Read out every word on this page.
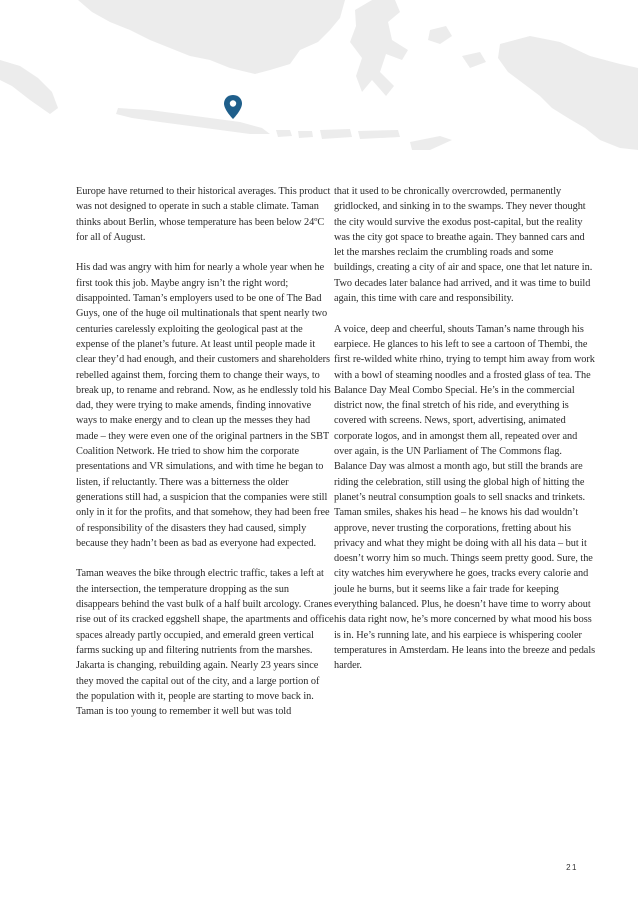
Europe have returned to their historical averages. This product was not designed to operate in such a stable climate. Taman thinks about Berlin, whose temperature has been below 24ºC for all of August.

His dad was angry with him for nearly a whole year when he first took this job. Maybe angry isn’t the right word; disappointed. Taman’s employers used to be one of The Bad Guys, one of the huge oil multinationals that spent nearly two centuries carelessly exploiting the geological past at the expense of the planet’s future. At least until people made it clear they’d had enough, and their customers and shareholders rebelled against them, forcing them to change their ways, to break up, to rename and rebrand. Now, as he endlessly told his dad, they were trying to make amends, finding innovative ways to make energy and to clean up the messes they had made – they were even one of the original partners in the SBT Coalition Network. He tried to show him the corporate presentations and VR simulations, and with time he began to listen, if reluctantly. There was a bitterness the older generations still had, a suspicion that the companies were still only in it for the profits, and that somehow, they had been free of responsibility of the disasters they had caused, simply because they hadn’t been as bad as everyone had expected.

Taman weaves the bike through electric traffic, takes a left at the intersection, the temperature dropping as the sun disappears behind the vast bulk of a half built arcology. Cranes rise out of its cracked eggshell shape, the apartments and office spaces already partly occupied, and emerald green vertical farms sucking up and filtering nutrients from the marshes. Jakarta is changing, rebuilding again. Nearly 23 years since they moved the capital out of the city, and a large portion of the population with it, people are starting to move back in. Taman is too young to remember it well but was told

that it used to be chronically overcrowded, permanently gridlocked, and sinking in to the swamps. They never thought the city would survive the exodus post-capital, but the reality was the city got space to breathe again. They banned cars and let the marshes reclaim the crumbling roads and some buildings, creating a city of air and space, one that let nature in. Two decades later balance had arrived, and it was time to build again, this time with care and responsibility.

A voice, deep and cheerful, shouts Taman’s name through his earpiece. He glances to his left to see a cartoon of Thembi, the first re-wilded white rhino, trying to tempt him away from work with a bowl of steaming noodles and a frosted glass of tea. The Balance Day Meal Combo Special. He’s in the commercial district now, the final stretch of his ride, and everything is covered with screens. News, sport, advertising, animated corporate logos, and in amongst them all, repeated over and over again, is the UN Parliament of The Commons flag. Balance Day was almost a month ago, but still the brands are riding the celebration, still using the global high of hitting the planet’s neutral consumption goals to sell snacks and trinkets. Taman smiles, shakes his head – he knows his dad wouldn’t approve, never trusting the corporations, fretting about his privacy and what they might be doing with all his data – but it doesn’t worry him so much. Things seem pretty good. Sure, the city watches him everywhere he goes, tracks every calorie and joule he burns, but it seems like a fair trade for keeping everything balanced. Plus, he doesn’t have time to worry about his data right now, he’s more concerned by what mood his boss is in. He’s running late, and his earpiece is whispering cooler temperatures in Amsterdam. He leans into the breeze and pedals harder.

21
